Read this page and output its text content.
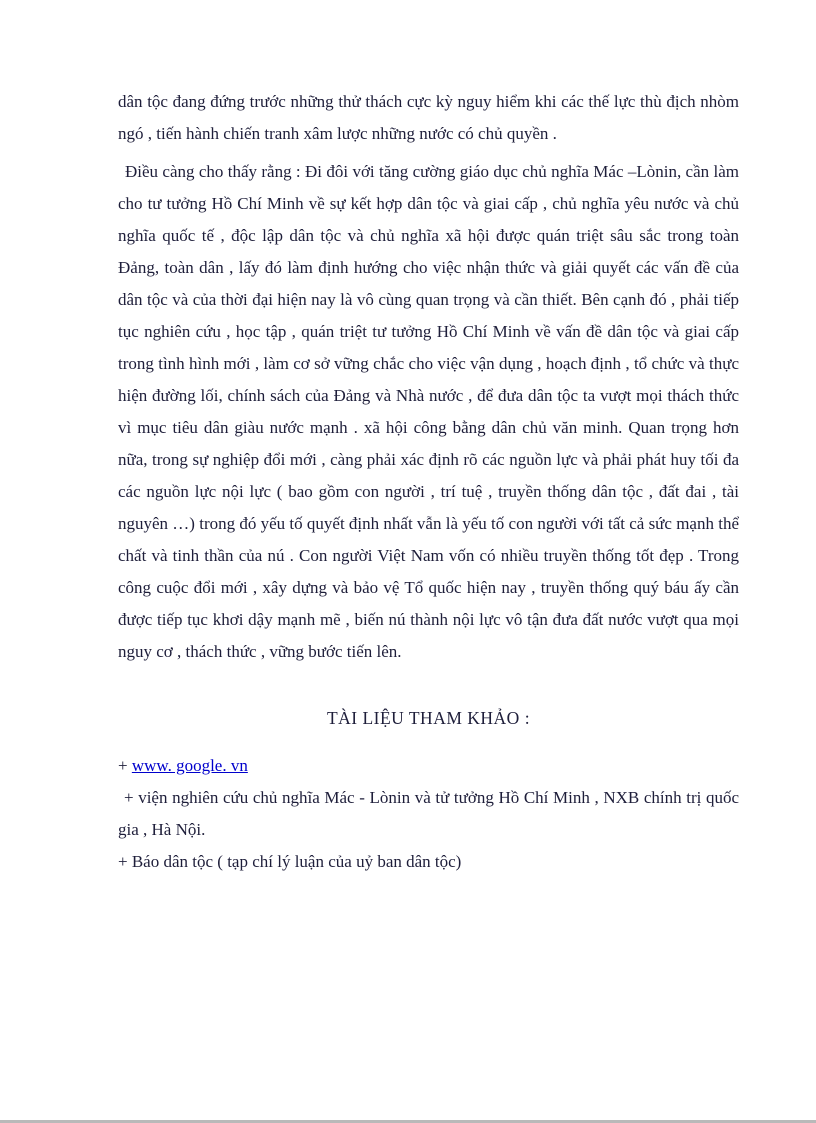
dân tộc đang đứng trước những thử thách cực kỳ nguy hiểm khi các thế lực thù địch nhòm ngó , tiến hành chiến tranh xâm lược những nước có chủ quyền .

Điều càng cho thấy rằng : Đi đôi với tăng cường giáo dục chủ nghĩa Mác –Lònin, cần làm cho tư tưởng Hồ Chí Minh về sự kết hợp dân tộc và giai cấp , chủ nghĩa yêu nước và chủ nghĩa quốc tế , độc lập dân tộc và chủ nghĩa xã hội được quán triệt sâu sắc trong toàn Đảng, toàn dân , lấy đó làm định hướng cho việc nhận thức và giải quyết các vấn đề của dân tộc và của thời đại hiện nay là vô cùng quan trọng và cần thiết. Bên cạnh đó , phải tiếp tục nghiên cứu , học tập , quán triệt tư tưởng Hồ Chí Minh về vấn đề dân tộc và giai cấp trong tình hình mới , làm cơ sở vững chắc cho việc vận dụng , hoạch định , tổ chức và thực hiện đường lối, chính sách của Đảng và Nhà nước , để đưa dân tộc ta vượt mọi thách thức vì mục tiêu dân giàu nước mạnh . xã hội công bằng dân chủ văn minh. Quan trọng hơn nữa, trong sự nghiệp đổi mới , càng phải xác định rõ các nguồn lực và phải phát huy tối đa các nguồn lực nội lực ( bao gồm con người , trí tuệ , truyền thống dân tộc , đất đai , tài nguyên …) trong đó yếu tố quyết định nhất vẫn là yếu tố con người với tất cả sức mạnh thể chất và tinh thần của nú . Con người Việt Nam vốn có nhiều truyền thống tốt đẹp . Trong công cuộc đổi mới , xây dựng và bảo vệ Tổ quốc hiện nay , truyền thống quý báu ấy cần được tiếp tục khơi dậy mạnh mẽ , biến nú thành nội lực vô tận đưa đất nước vượt qua mọi nguy cơ , thách thức , vững bước tiến lên.

TÀI LIỆU THAM KHẢO :

+ www. google. vn

+ viện nghiên cứu chủ nghĩa Mác - Lònin và tử tưởng Hồ Chí Minh , NXB chính trị quốc gia , Hà Nội.

+ Báo dân tộc ( tạp chí lý luận của uỷ ban dân tộc)
